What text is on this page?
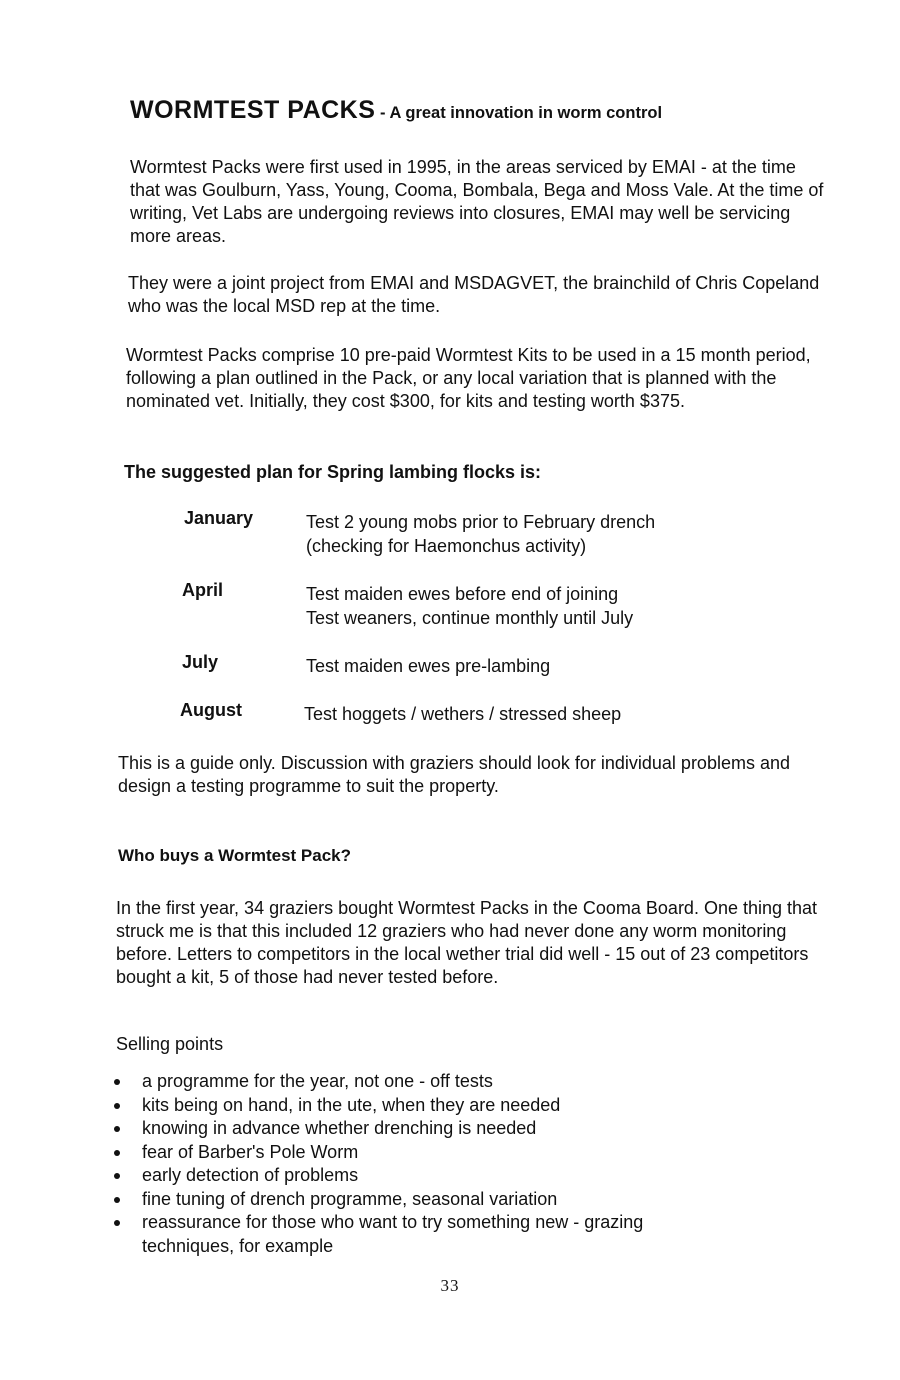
WORMTEST PACKS - A great innovation in worm control

Wormtest Packs were first used in 1995, in the areas serviced by EMAI - at the time that was Goulburn, Yass, Young, Cooma, Bombala, Bega and Moss Vale. At the time of writing, Vet Labs are undergoing reviews into closures, EMAI may well be servicing more areas.

They were a joint project from EMAI and MSDAGVET, the brainchild of Chris Copeland who was the local MSD rep at the time.

Wormtest Packs comprise 10 pre-paid Wormtest Kits to be used in a 15 month period, following a plan outlined in the Pack, or any local variation that is planned with the nominated vet. Initially, they cost $300, for kits and testing worth $375.

The suggested plan for Spring lambing flocks is:

January	Test 2 young mobs prior to February drench
(checking for Haemonchus activity)
April	Test maiden ewes before end of joining
Test weaners, continue monthly until July
July	Test maiden ewes pre-lambing
August	Test hoggets / wethers / stressed sheep

This is a guide only. Discussion with graziers should look for individual problems and design a testing programme to suit the property.

Who buys a Wormtest Pack?

In the first year, 34 graziers bought Wormtest Packs in the Cooma Board. One thing that struck me is that this included 12 graziers who had never done any worm monitoring before. Letters to competitors in the local wether trial did well - 15 out of 23 competitors bought a kit, 5 of those had never tested before.

Selling points
a programme for the year, not one - off tests
kits being on hand, in the ute, when they are needed
knowing in advance whether drenching is needed
fear of Barber's Pole Worm
early detection of problems
fine tuning of drench programme, seasonal variation
reassurance for those who want to try something new - grazing techniques, for example
33
